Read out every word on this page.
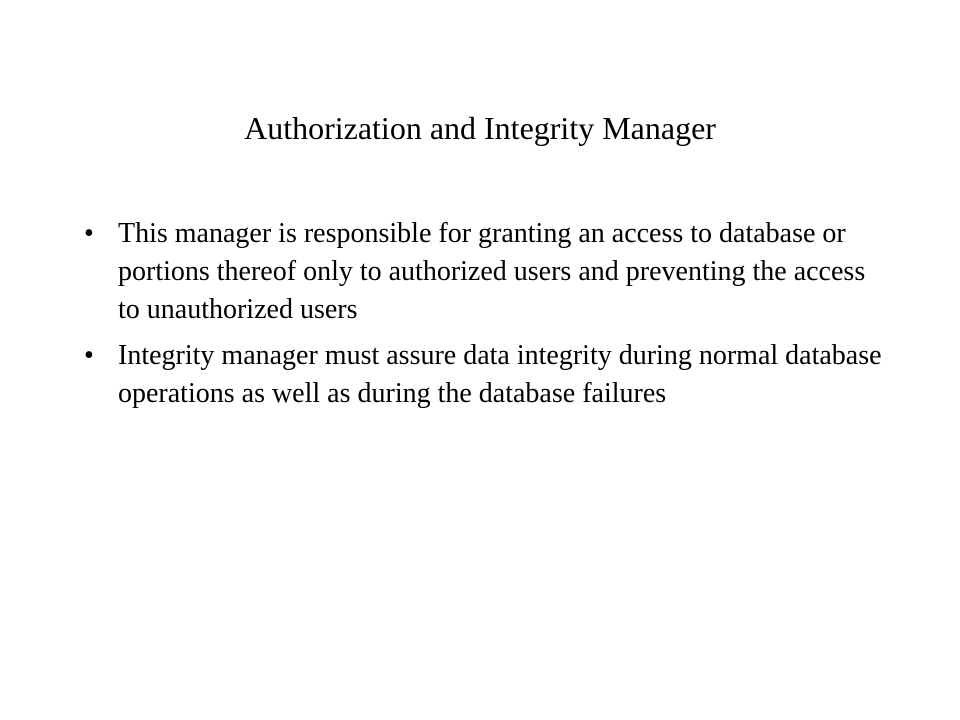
Authorization and Integrity Manager
• This manager is responsible for granting an access to database or portions thereof only to authorized users and preventing the access to unauthorized users
• Integrity manager must assure data integrity during normal database operations as well as during the database failures
